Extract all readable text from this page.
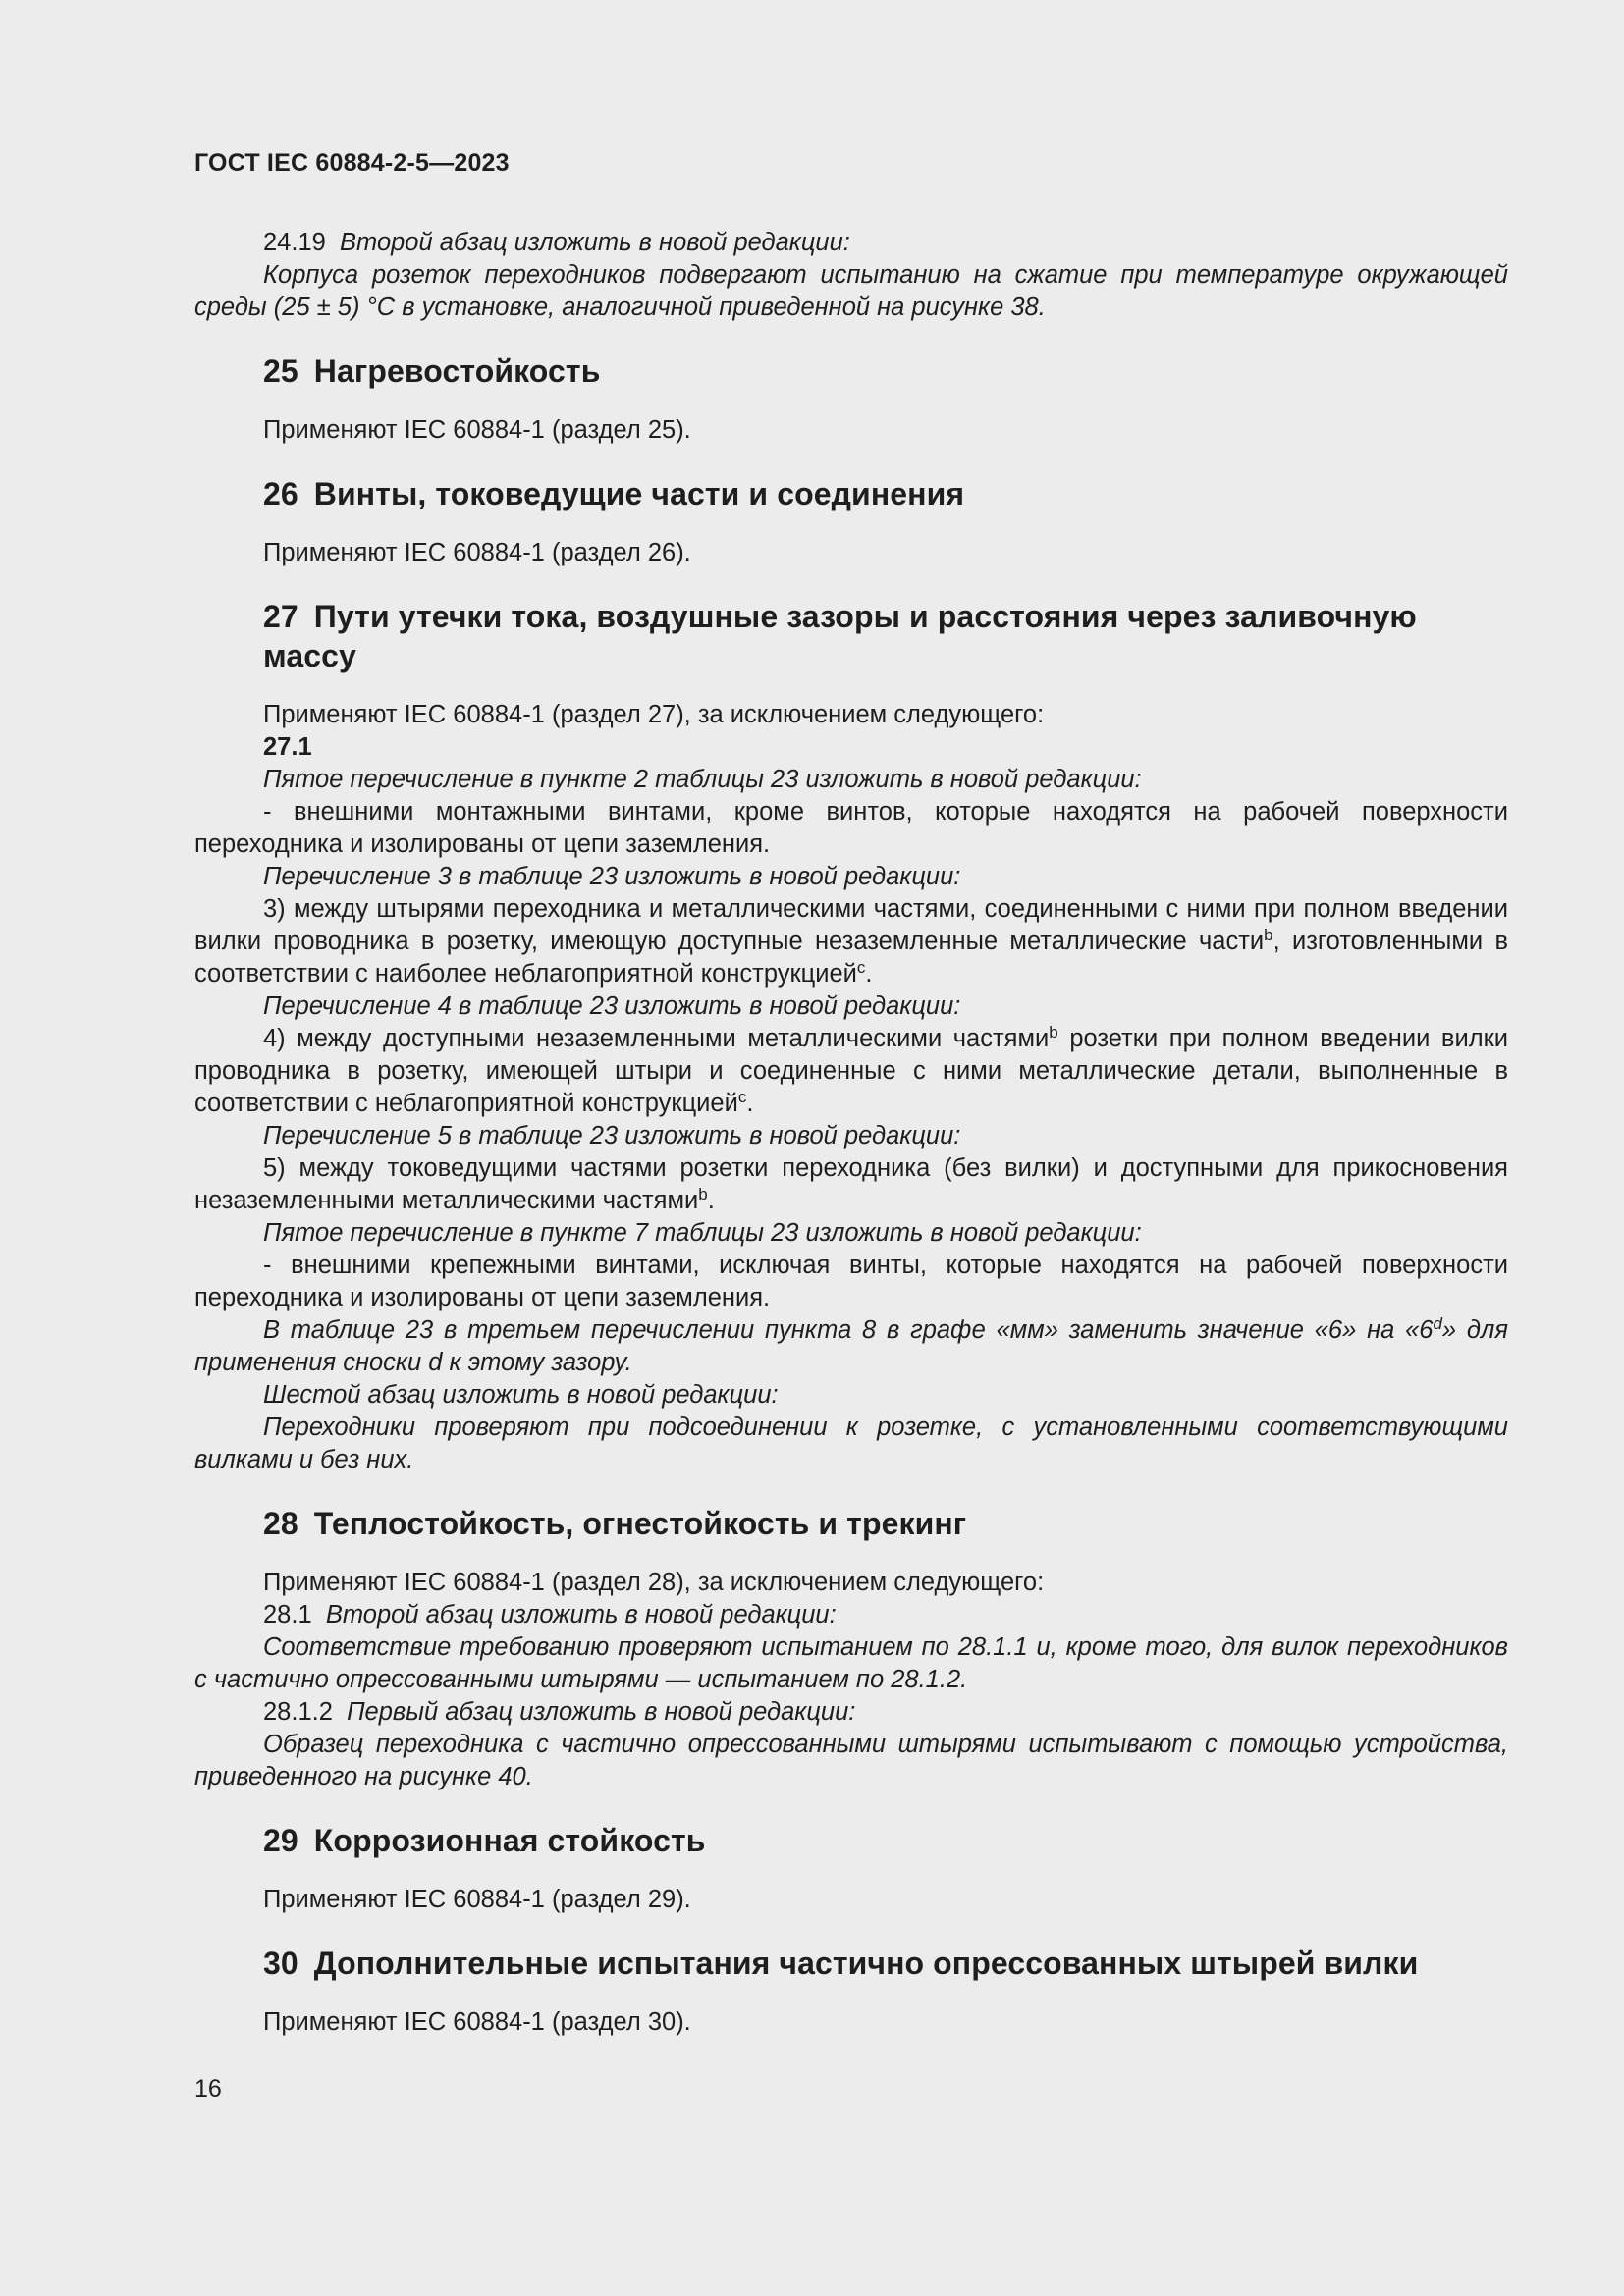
ГОСТ IEC 60884-2-5—2023

24.19 Второй абзац изложить в новой редакции:

Корпуса розеток переходников подвергают испытанию на сжатие при температуре окружающей среды (25 ± 5) °С в установке, аналогичной приведенной на рисунке 38.

25 Нагревостойкость

Применяют IEC 60884-1 (раздел 25).

26 Винты, токоведущие части и соединения

Применяют IEC 60884-1 (раздел 26).

27 Пути утечки тока, воздушные зазоры и расстояния через заливочную массу

Применяют IEC 60884-1 (раздел 27), за исключением следующего:

27.1

Пятое перечисление в пункте 2 таблицы 23 изложить в новой редакции:

- внешними монтажными винтами, кроме винтов, которые находятся на рабочей поверхности переходника и изолированы от цепи заземления.

Перечисление 3 в таблице 23 изложить в новой редакции:

3) между штырями переходника и металлическими частями, соединенными с ними при полном введении вилки проводника в розетку, имеющую доступные незаземленные металлические части$^b$, изготовленными в соответствии с наиболее неблагоприятной конструкцией$^c$.

Перечисление 4 в таблице 23 изложить в новой редакции:

4) между доступными незаземленными металлическими частями$^b$ розетки при полном введении вилки проводника в розетку, имеющей штыри и соединенные с ними металлические детали, выполненные в соответствии с неблагоприятной конструкцией$^c$.

Перечисление 5 в таблице 23 изложить в новой редакции:

5) между токоведущими частями розетки переходника (без вилки) и доступными для прикосновения незаземленными металлическими частями$^b$.

Пятое перечисление в пункте 7 таблицы 23 изложить в новой редакции:

- внешними крепежными винтами, исключая винты, которые находятся на рабочей поверхности переходника и изолированы от цепи заземления.

В таблице 23 в третьем перечислении пункта 8 в графе «мм» заменить значение «6» на «6$^d$» для применения сноски d к этому зазору.

Шестой абзац изложить в новой редакции:

Переходники проверяют при подсоединении к розетке, с установленными соответствующими вилками и без них.

28 Теплостойкость, огнестойкость и трекинг

Применяют IEC 60884-1 (раздел 28), за исключением следующего:

28.1 Второй абзац изложить в новой редакции:

Соответствие требованию проверяют испытанием по 28.1.1 и, кроме того, для вилок переходников с частично опрессованными штырями — испытанием по 28.1.2.

28.1.2 Первый абзац изложить в новой редакции:

Образец переходника с частично опрессованными штырями испытывают с помощью устройства, приведенного на рисунке 40.

29 Коррозионная стойкость

Применяют IEC 60884-1 (раздел 29).

30 Дополнительные испытания частично опрессованных штырей вилки

Применяют IEC 60884-1 (раздел 30).

16
